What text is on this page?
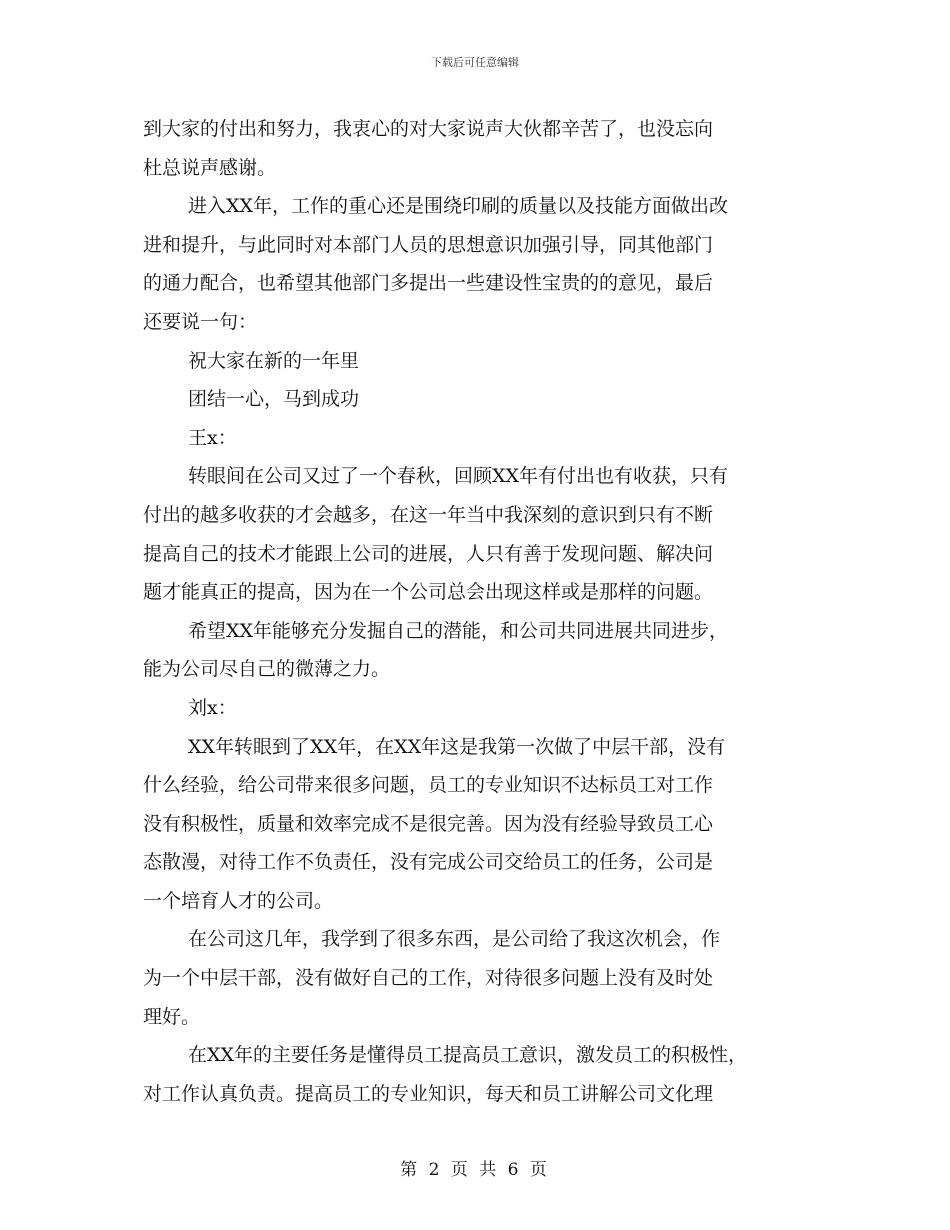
下载后可任意编辑
到大家的付出和努力，我衷心的对大家说声大伙都辛苦了，也没忘向
杜总说声感谢。
进入XX年，工作的重心还是围绕印刷的质量以及技能方面做出改
进和提升，与此同时对本部门人员的思想意识加强引导，同其他部门
的通力配合，也希望其他部门多提出一些建设性宝贵的的意见，最后
还要说一句：
祝大家在新的一年里
团结一心，马到成功
王x：
转眼间在公司又过了一个春秋，回顾XX年有付出也有收获，只有
付出的越多收获的才会越多，在这一年当中我深刻的意识到只有不断
提高自己的技术才能跟上公司的进展，人只有善于发现问题、解决问
题才能真正的提高，因为在一个公司总会出现这样或是那样的问题。
希望XX年能够充分发掘自己的潜能，和公司共同进展共同进步，
能为公司尽自己的微薄之力。
刘x：
XX年转眼到了XX年，在XX年这是我第一次做了中层干部，没有
什么经验，给公司带来很多问题，员工的专业知识不达标员工对工作
没有积极性，质量和效率完成不是很完善。因为没有经验导致员工心
态散漫，对待工作不负责任，没有完成公司交给员工的任务，公司是
一个培育人才的公司。
在公司这几年，我学到了很多东西，是公司给了我这次机会，作
为一个中层干部，没有做好自己的工作，对待很多问题上没有及时处
理好。
在XX年的主要任务是懂得员工提高员工意识，激发员工的积极性，
对工作认真负责。提高员工的专业知识，每天和员工讲解公司文化理
第 2 页 共 6 页
